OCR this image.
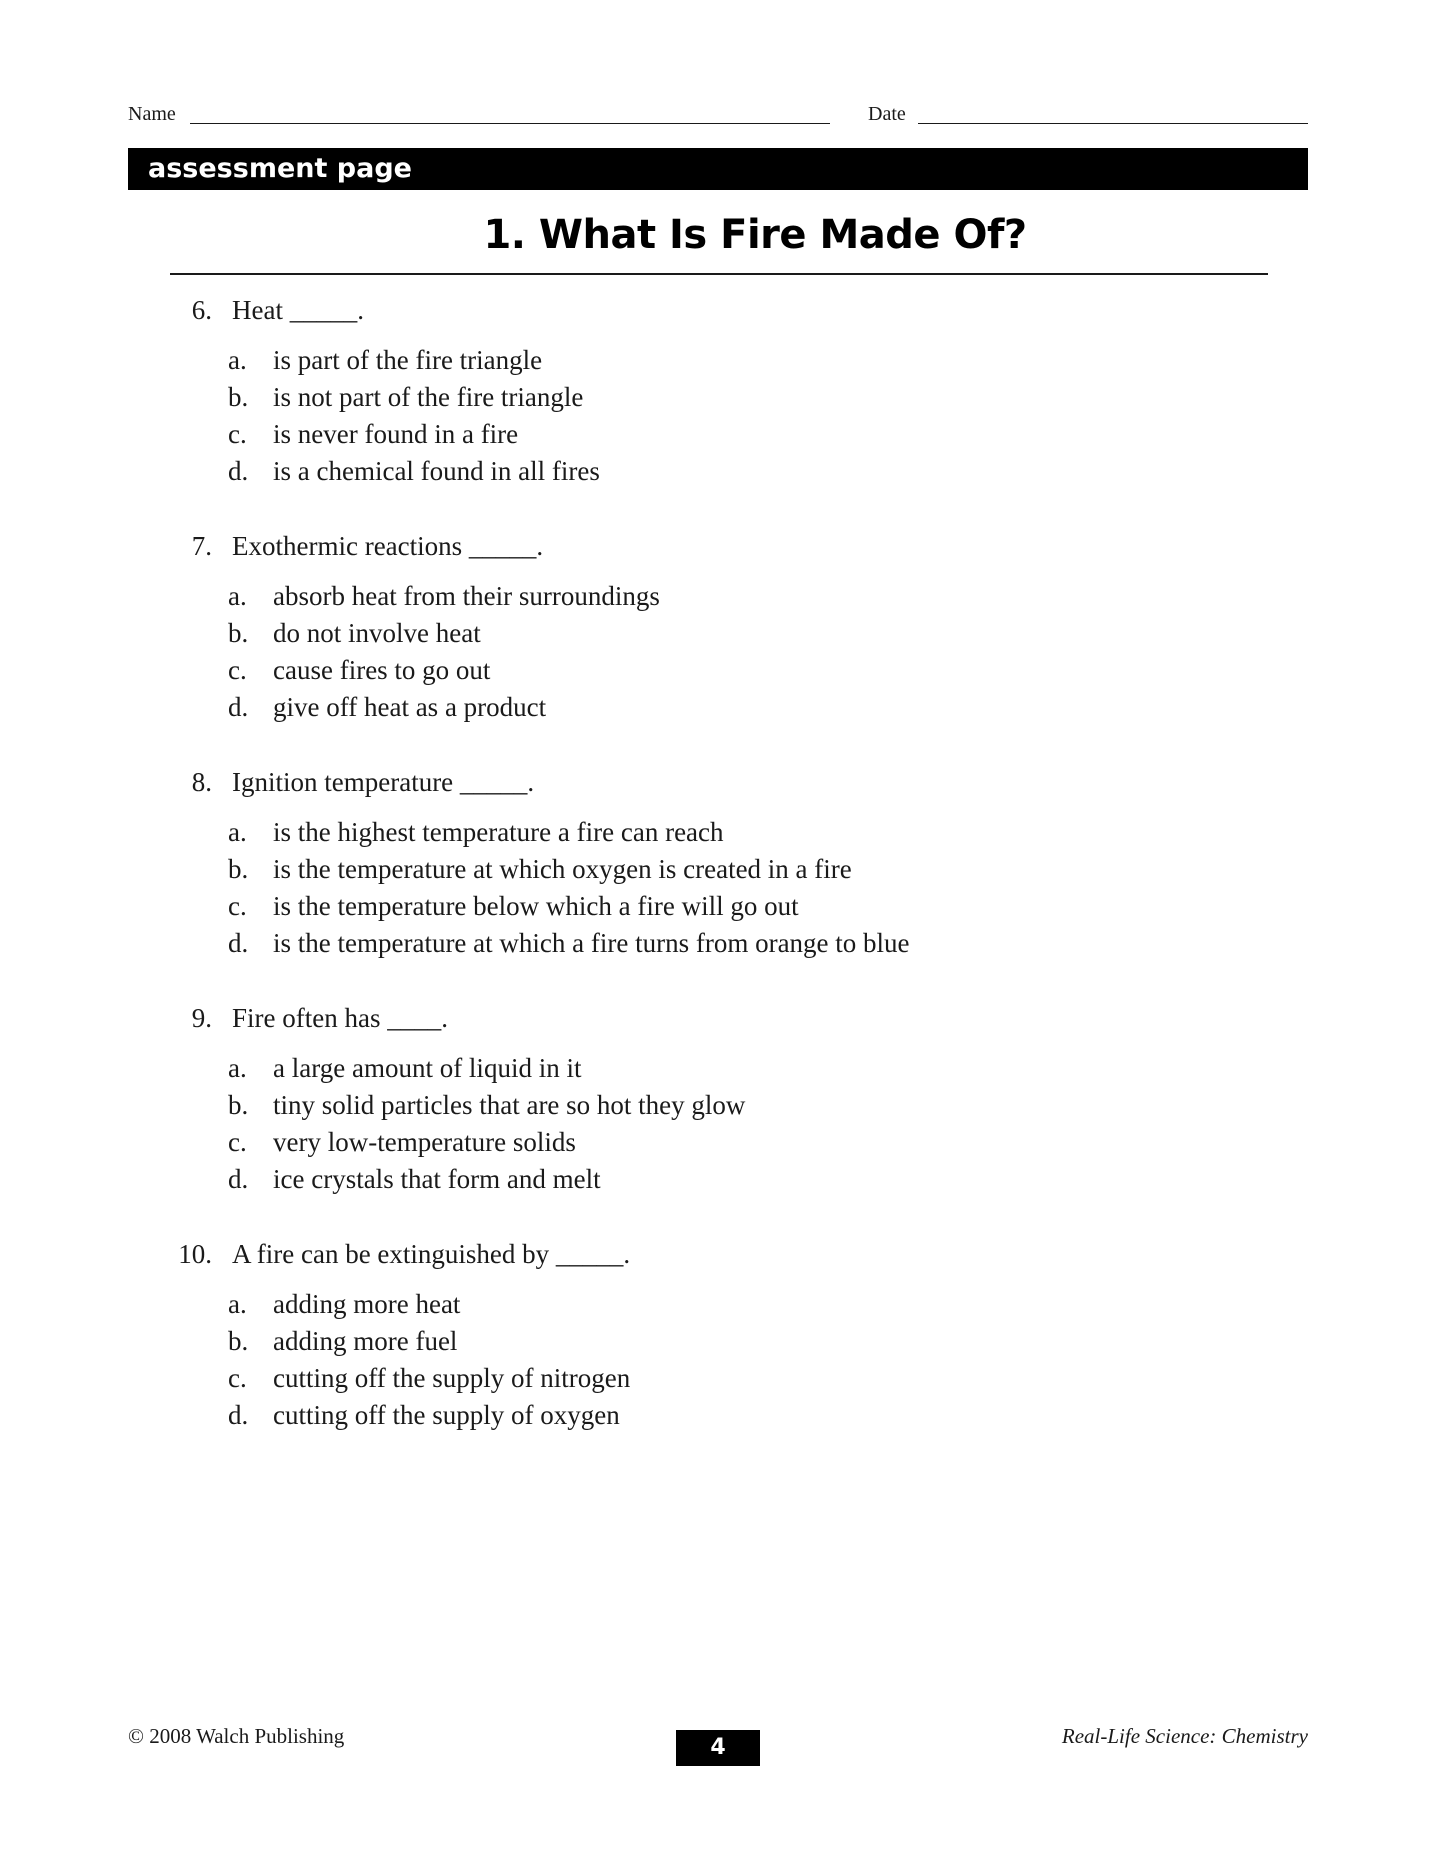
Name	Date
assessment page
1. What Is Fire Made Of?
6. Heat _____.
a. is part of the fire triangle
b. is not part of the fire triangle
c. is never found in a fire
d. is a chemical found in all fires
7. Exothermic reactions _____.
a. absorb heat from their surroundings
b. do not involve heat
c. cause fires to go out
d. give off heat as a product
8. Ignition temperature _____.
a. is the highest temperature a fire can reach
b. is the temperature at which oxygen is created in a fire
c. is the temperature below which a fire will go out
d. is the temperature at which a fire turns from orange to blue
9. Fire often has ____.
a. a large amount of liquid in it
b. tiny solid particles that are so hot they glow
c. very low-temperature solids
d. ice crystals that form and melt
10. A fire can be extinguished by _____.
a. adding more heat
b. adding more fuel
c. cutting off the supply of nitrogen
d. cutting off the supply of oxygen
© 2008 Walch Publishing	4	Real-Life Science: Chemistry
